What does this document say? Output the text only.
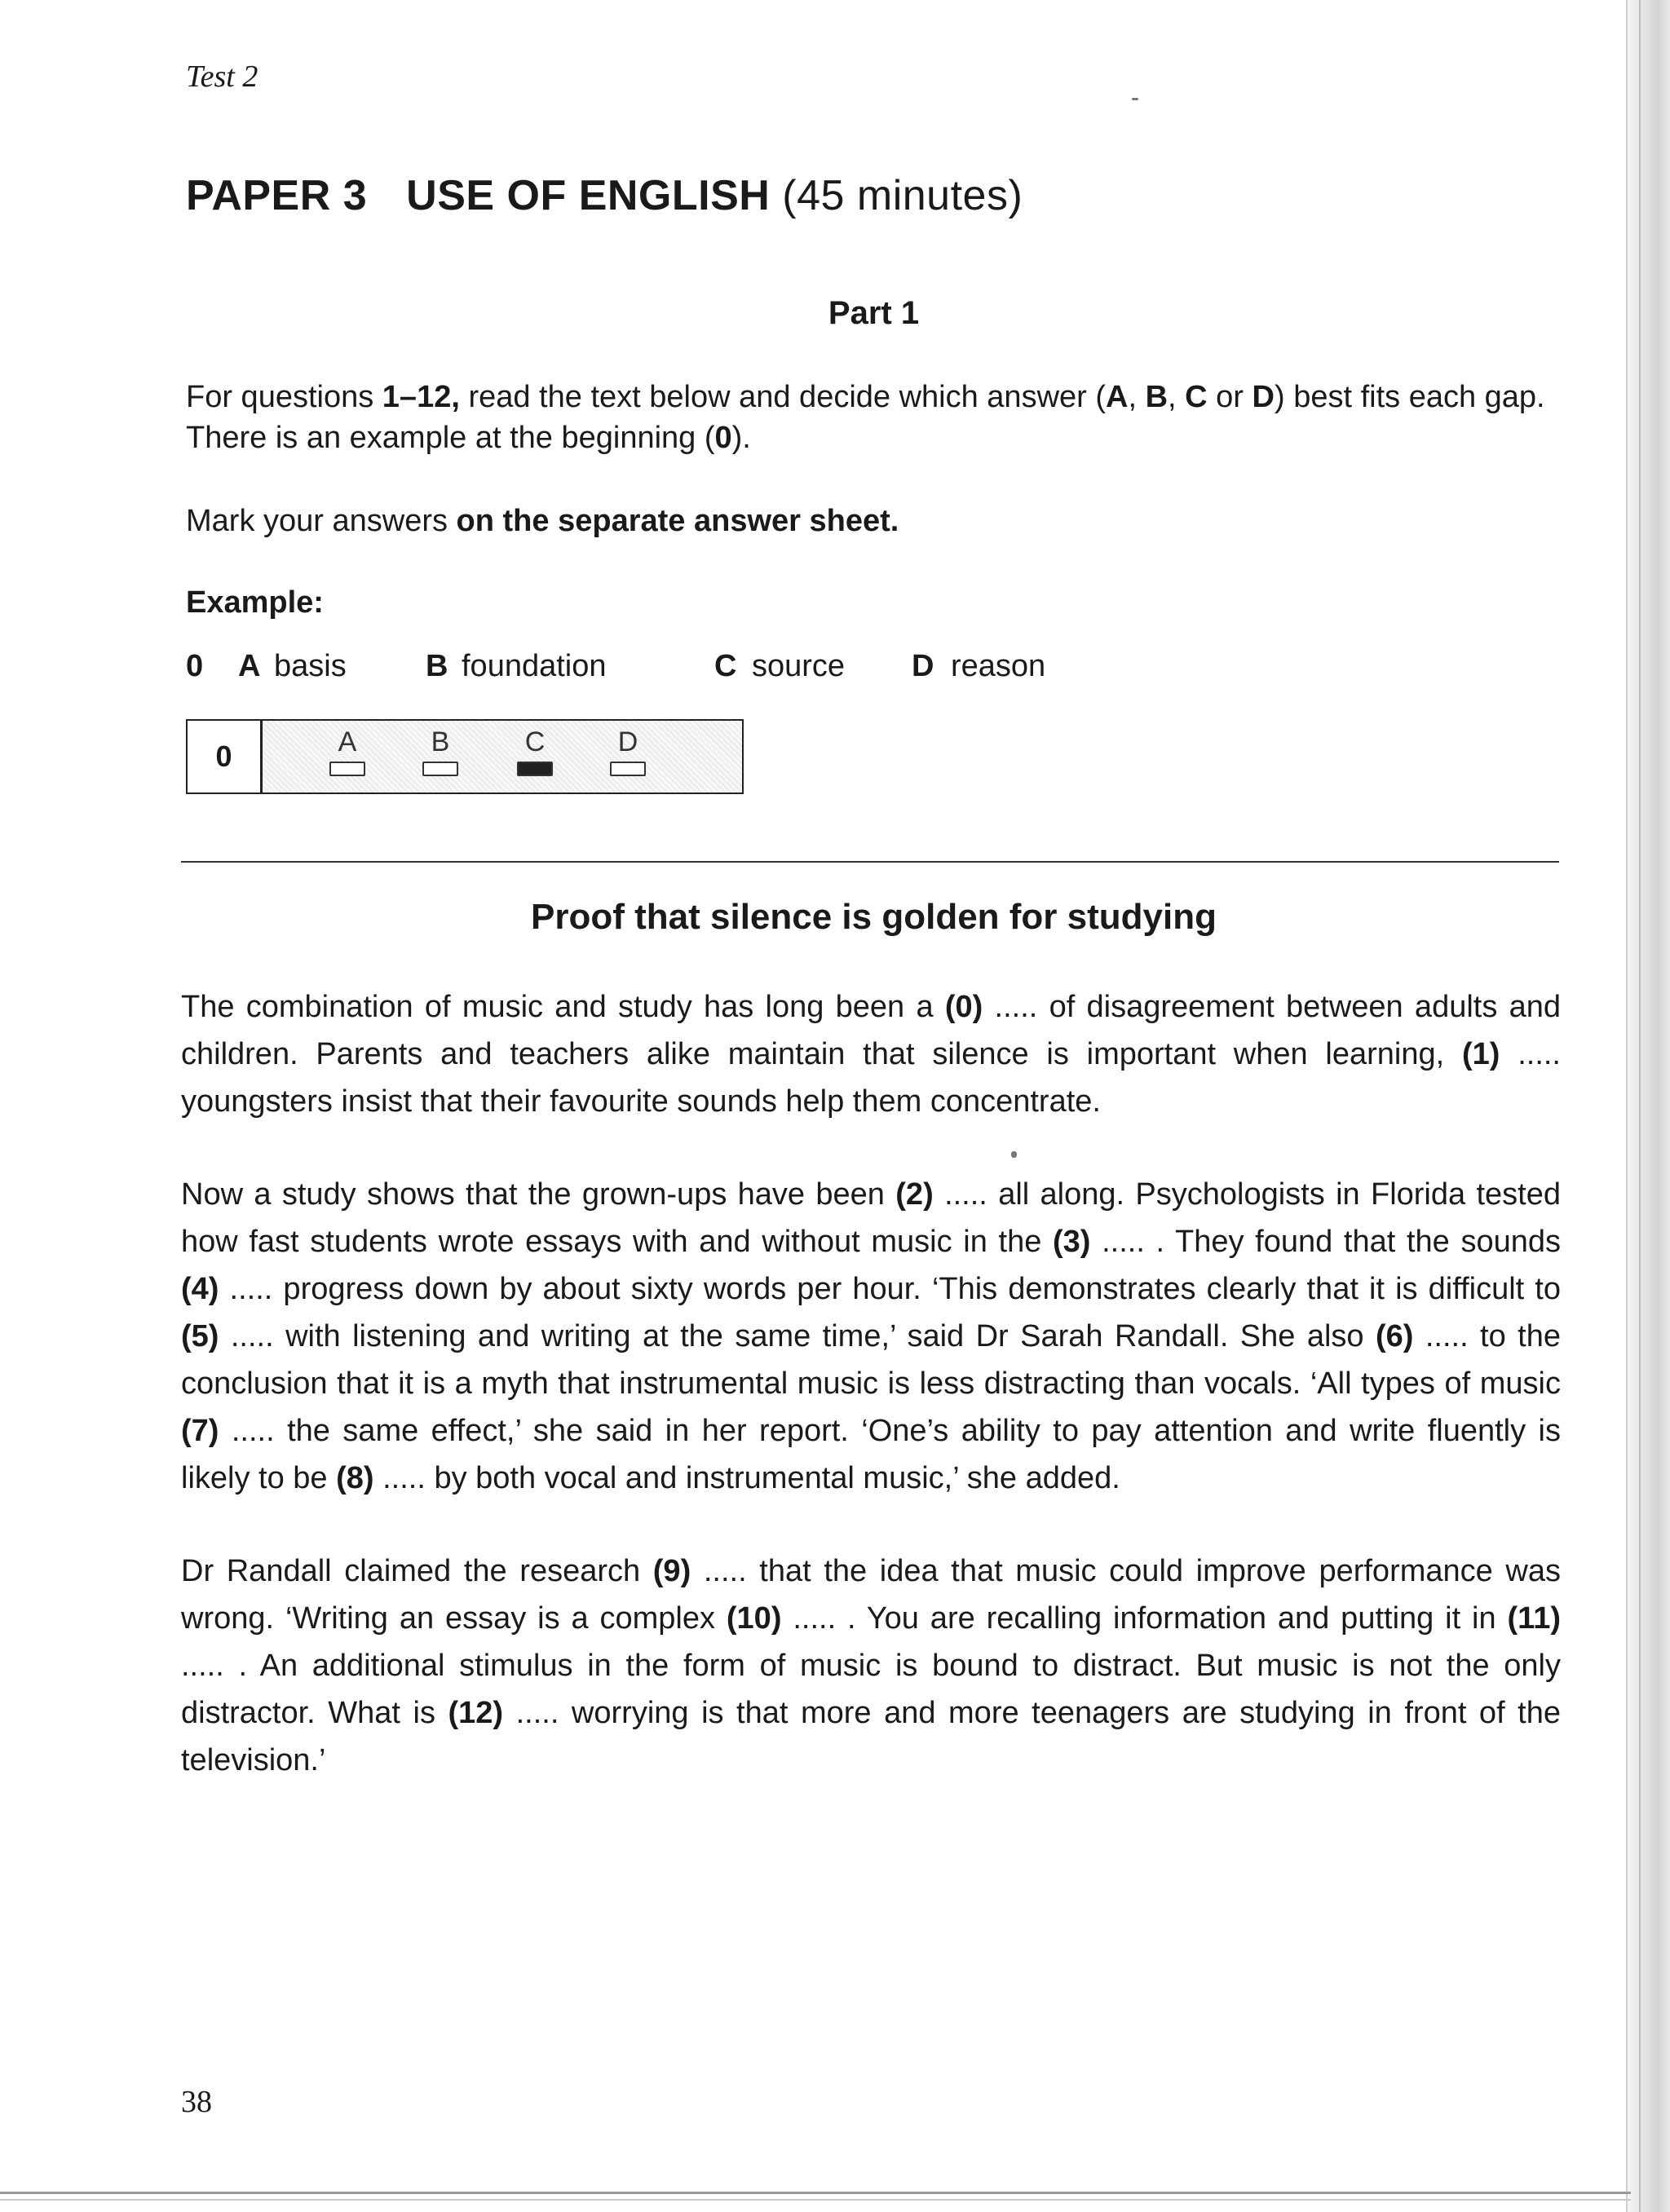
Test 2
PAPER 3 USE OF ENGLISH (45 minutes)
Part 1
For questions 1–12, read the text below and decide which answer (A, B, C or D) best fits each gap. There is an example at the beginning (0).
Mark your answers on the separate answer sheet.
Example:
0 A basis	B foundation	C source D reason
0	A	B	C	D
Proof that silence is golden for studying

The combination of music and study has long been a (0) ..... of disagreement between adults and children. Parents and teachers alike maintain that silence is important when learning, (1) ..... youngsters insist that their favourite sounds help them concentrate.

Now a study shows that the grown-ups have been (2) ..... all along. Psychologists in Florida tested how fast students wrote essays with and without music in the (3) ..... . They found that the sounds (4) ..... progress down by about sixty words per hour. ‘This demonstrates clearly that it is difficult to (5) ..... with listening and writing at the same time,’ said Dr Sarah Randall. She also (6) ..... to the conclusion that it is a myth that instrumental music is less distracting than vocals. ‘All types of music (7) ..... the same effect,’ she said in her report. ‘One’s ability to pay attention and write fluently is likely to be (8) ..... by both vocal and instrumental music,’ she added.

Dr Randall claimed the research (9) ..... that the idea that music could improve performance was wrong. ‘Writing an essay is a complex (10) ..... . You are recalling information and putting it in (11) ..... . An additional stimulus in the form of music is bound to distract. But music is not the only distractor. What is (12) ..... worrying is that more and more teenagers are studying in front of the television.’

38
